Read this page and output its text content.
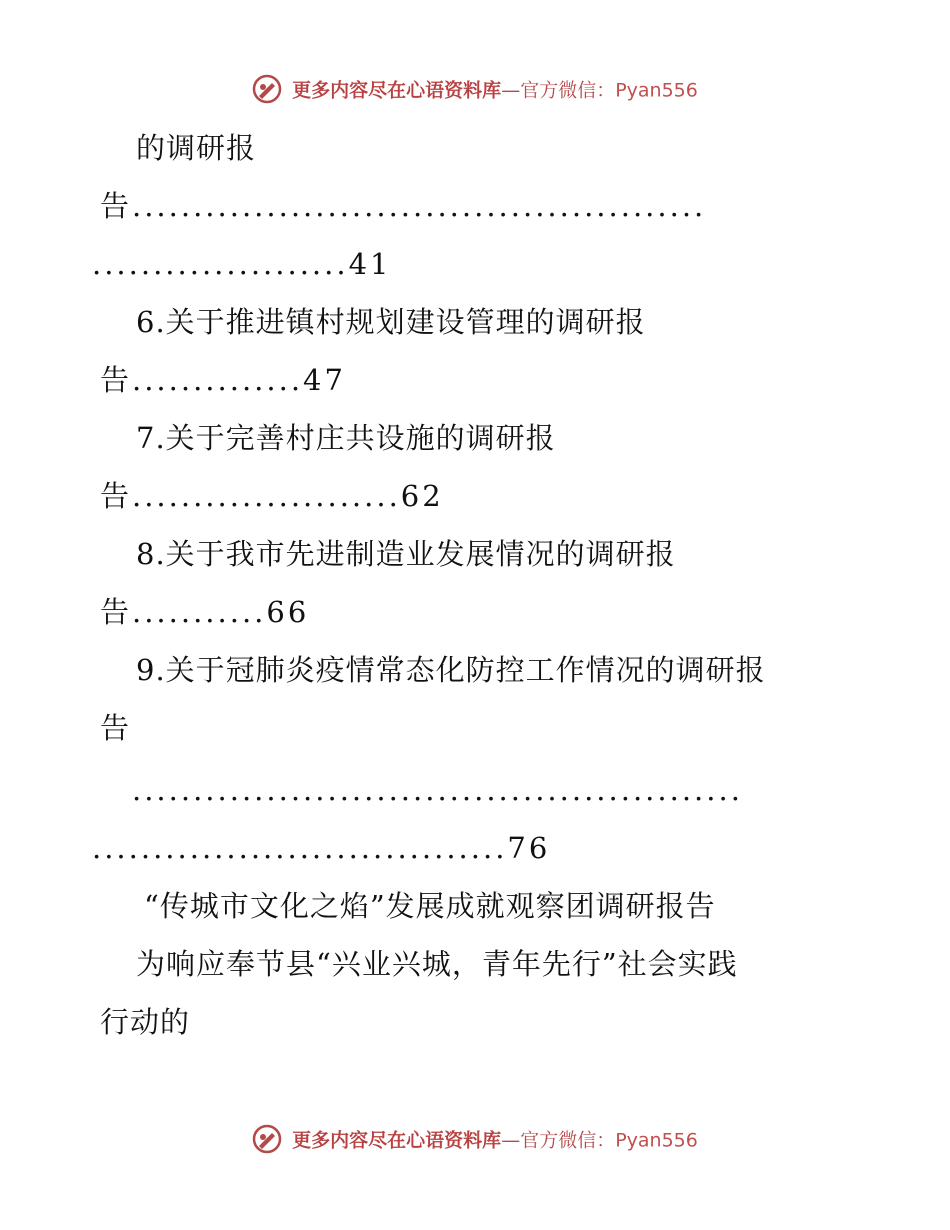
更多内容尽在心语资料库—官方微信：Pyan556
的调研报
告...............................................
.....................41
6.关于推进镇村规划建设管理的调研报
告..............47
7.关于完善村庄共设施的调研报
告......................62
8.关于我市先进制造业发展情况的调研报
告...........66
9.关于冠肺炎疫情常态化防控工作情况的调研报
告
..................................................
..................................76
“传城市文化之焰”发展成就观察团调研报告
为响应奉节县“兴业兴城，青年先行”社会实践
行动的
更多内容尽在心语资料库—官方微信：Pyan556
